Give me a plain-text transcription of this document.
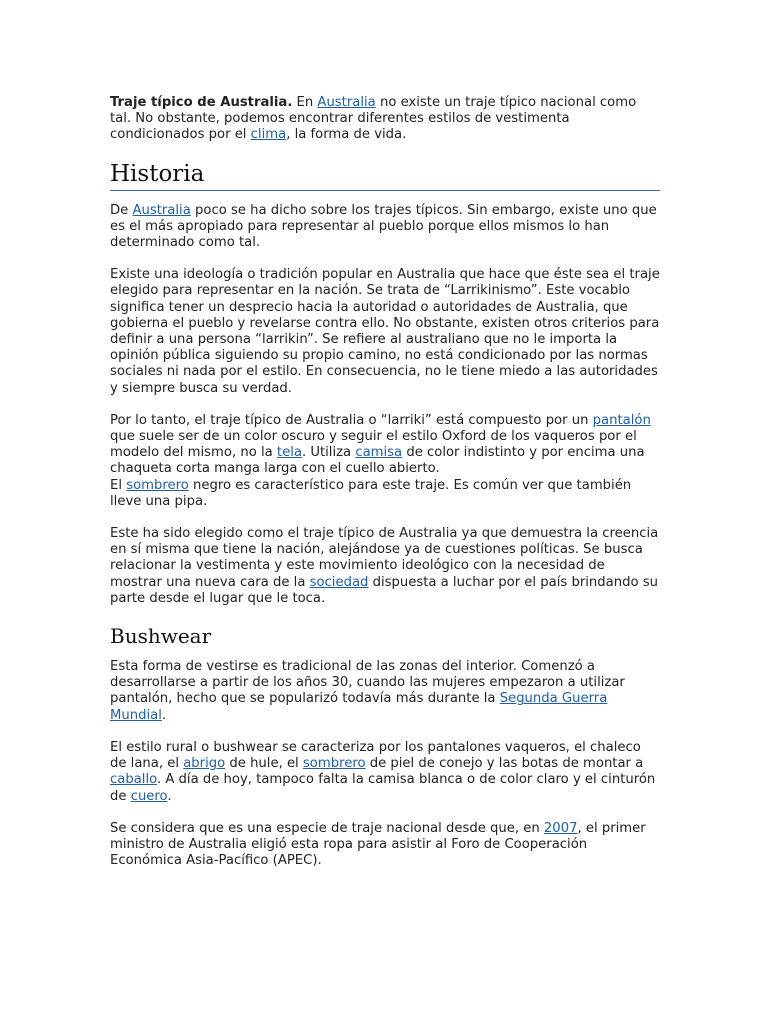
Traje típico de Australia. En Australia no existe un traje típico nacional como tal. No obstante, podemos encontrar diferentes estilos de vestimenta condicionados por el clima, la forma de vida.

Historia

De Australia poco se ha dicho sobre los trajes típicos. Sin embargo, existe uno que es el más apropiado para representar al pueblo porque ellos mismos lo han determinado como tal.

Existe una ideología o tradición popular en Australia que hace que éste sea el traje elegido para representar en la nación. Se trata de “Larrikinismo”. Este vocablo significa tener un desprecio hacia la autoridad o autoridades de Australia, que gobierna el pueblo y revelarse contra ello. No obstante, existen otros criterios para definir a una persona “larrikin”. Se refiere al australiano que no le importa la opinión pública siguiendo su propio camino, no está condicionado por las normas sociales ni nada por el estilo. En consecuencia, no le tiene miedo a las autoridades y siempre busca su verdad.

Por lo tanto, el traje típico de Australia o “larriki” está compuesto por un pantalón que suele ser de un color oscuro y seguir el estilo Oxford de los vaqueros por el modelo del mismo, no la tela. Utiliza camisa de color indistinto y por encima una chaqueta corta manga larga con el cuello abierto.
El sombrero negro es característico para este traje. Es común ver que también lleve una pipa.

Este ha sido elegido como el traje típico de Australia ya que demuestra la creencia en sí misma que tiene la nación, alejándose ya de cuestiones políticas. Se busca relacionar la vestimenta y este movimiento ideológico con la necesidad de mostrar una nueva cara de la sociedad dispuesta a luchar por el país brindando su parte desde el lugar que le toca.

Bushwear

Esta forma de vestirse es tradicional de las zonas del interior. Comenzó a desarrollarse a partir de los años 30, cuando las mujeres empezaron a utilizar pantalón, hecho que se popularizó todavía más durante la Segunda Guerra Mundial.

El estilo rural o bushwear se caracteriza por los pantalones vaqueros, el chaleco de lana, el abrigo de hule, el sombrero de piel de conejo y las botas de montar a caballo. A día de hoy, tampoco falta la camisa blanca o de color claro y el cinturón de cuero.

Se considera que es una especie de traje nacional desde que, en 2007, el primer ministro de Australia eligió esta ropa para asistir al Foro de Cooperación Económica Asia-Pacífico (APEC).
